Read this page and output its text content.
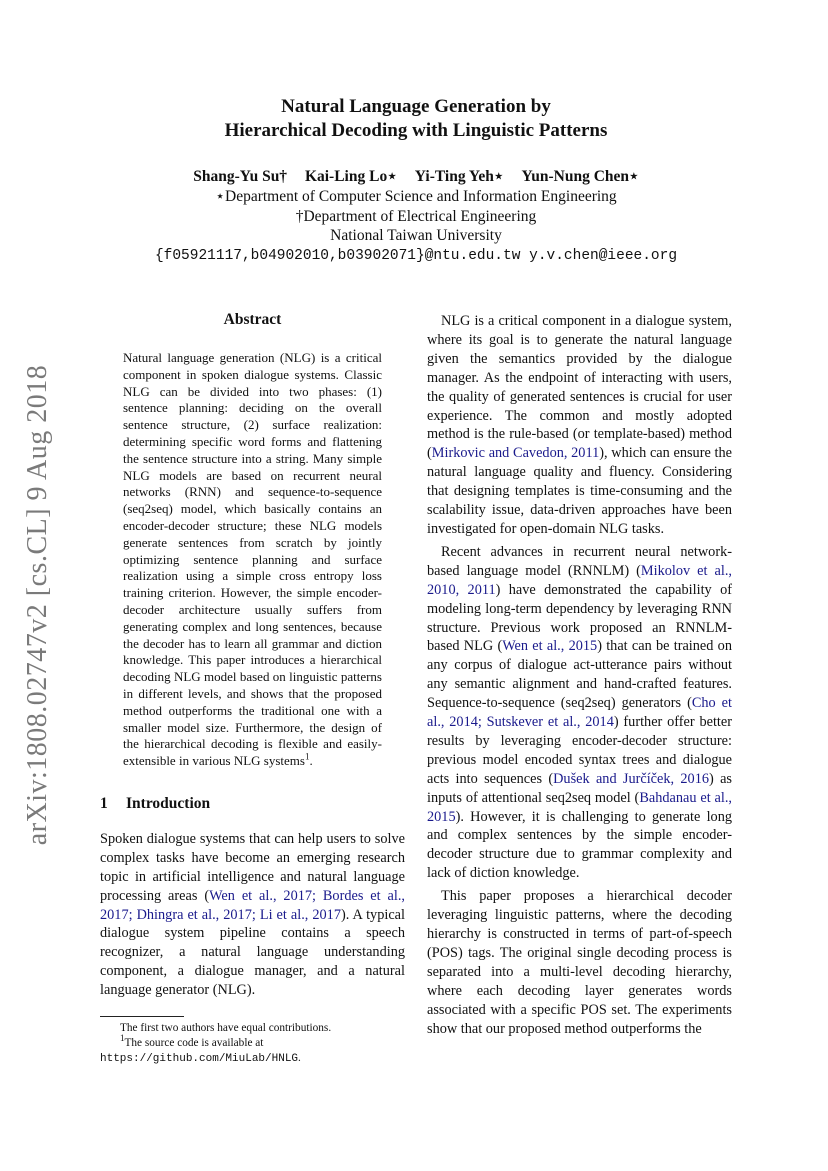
arXiv:1808.02747v2 [cs.CL] 9 Aug 2018
Natural Language Generation by
Hierarchical Decoding with Linguistic Patterns
Shang-Yu Su† Kai-Ling Lo⋆ Yi-Ting Yeh⋆ Yun-Nung Chen⋆
⋆Department of Computer Science and Information Engineering
†Department of Electrical Engineering
National Taiwan University
{f05921117,b04902010,b03902071}@ntu.edu.tw y.v.chen@ieee.org
Abstract
Natural language generation (NLG) is a critical component in spoken dialogue systems. Classic NLG can be divided into two phases: (1) sentence planning: deciding on the overall sentence structure, (2) surface realization: determining specific word forms and flattening the sentence structure into a string. Many simple NLG models are based on recurrent neural networks (RNN) and sequence-to-sequence (seq2seq) model, which basically contains an encoder-decoder structure; these NLG models generate sentences from scratch by jointly optimizing sentence planning and surface realization using a simple cross entropy loss training criterion. However, the simple encoder-decoder architecture usually suffers from generating complex and long sentences, because the decoder has to learn all grammar and diction knowledge. This paper introduces a hierarchical decoding NLG model based on linguistic patterns in different levels, and shows that the proposed method outperforms the traditional one with a smaller model size. Furthermore, the design of the hierarchical decoding is flexible and easily-extensible in various NLG systems$^1$.
1 Introduction

Spoken dialogue systems that can help users to solve complex tasks have become an emerging research topic in artificial intelligence and natural language processing areas (Wen et al., 2017; Bordes et al., 2017; Dhingra et al., 2017; Li et al., 2017). A typical dialogue system pipeline contains a speech recognizer, a natural language understanding component, a dialogue manager, and a natural language generator (NLG).

The first two authors have equal contributions.

$^1$The source code is available at https://github.com/MiuLab/HNLG.

NLG is a critical component in a dialogue system, where its goal is to generate the natural language given the semantics provided by the dialogue manager. As the endpoint of interacting with users, the quality of generated sentences is crucial for user experience. The common and mostly adopted method is the rule-based (or template-based) method (Mirkovic and Cavedon, 2011), which can ensure the natural language quality and fluency. Considering that designing templates is time-consuming and the scalability issue, data-driven approaches have been investigated for open-domain NLG tasks.

Recent advances in recurrent neural network-based language model (RNNLM) (Mikolov et al., 2010, 2011) have demonstrated the capability of modeling long-term dependency by leveraging RNN structure. Previous work proposed an RNNLM-based NLG (Wen et al., 2015) that can be trained on any corpus of dialogue act-utterance pairs without any semantic alignment and hand-crafted features. Sequence-to-sequence (seq2seq) generators (Cho et al., 2014; Sutskever et al., 2014) further offer better results by leveraging encoder-decoder structure: previous model encoded syntax trees and dialogue acts into sequences (Dušek and Jurčíček, 2016) as inputs of attentional seq2seq model (Bahdanau et al., 2015). However, it is challenging to generate long and complex sentences by the simple encoder-decoder structure due to grammar complexity and lack of diction knowledge.

This paper proposes a hierarchical decoder leveraging linguistic patterns, where the decoding hierarchy is constructed in terms of part-of-speech (POS) tags. The original single decoding process is separated into a multi-level decoding hierarchy, where each decoding layer generates words associated with a specific POS set. The experiments show that our proposed method outperforms the
